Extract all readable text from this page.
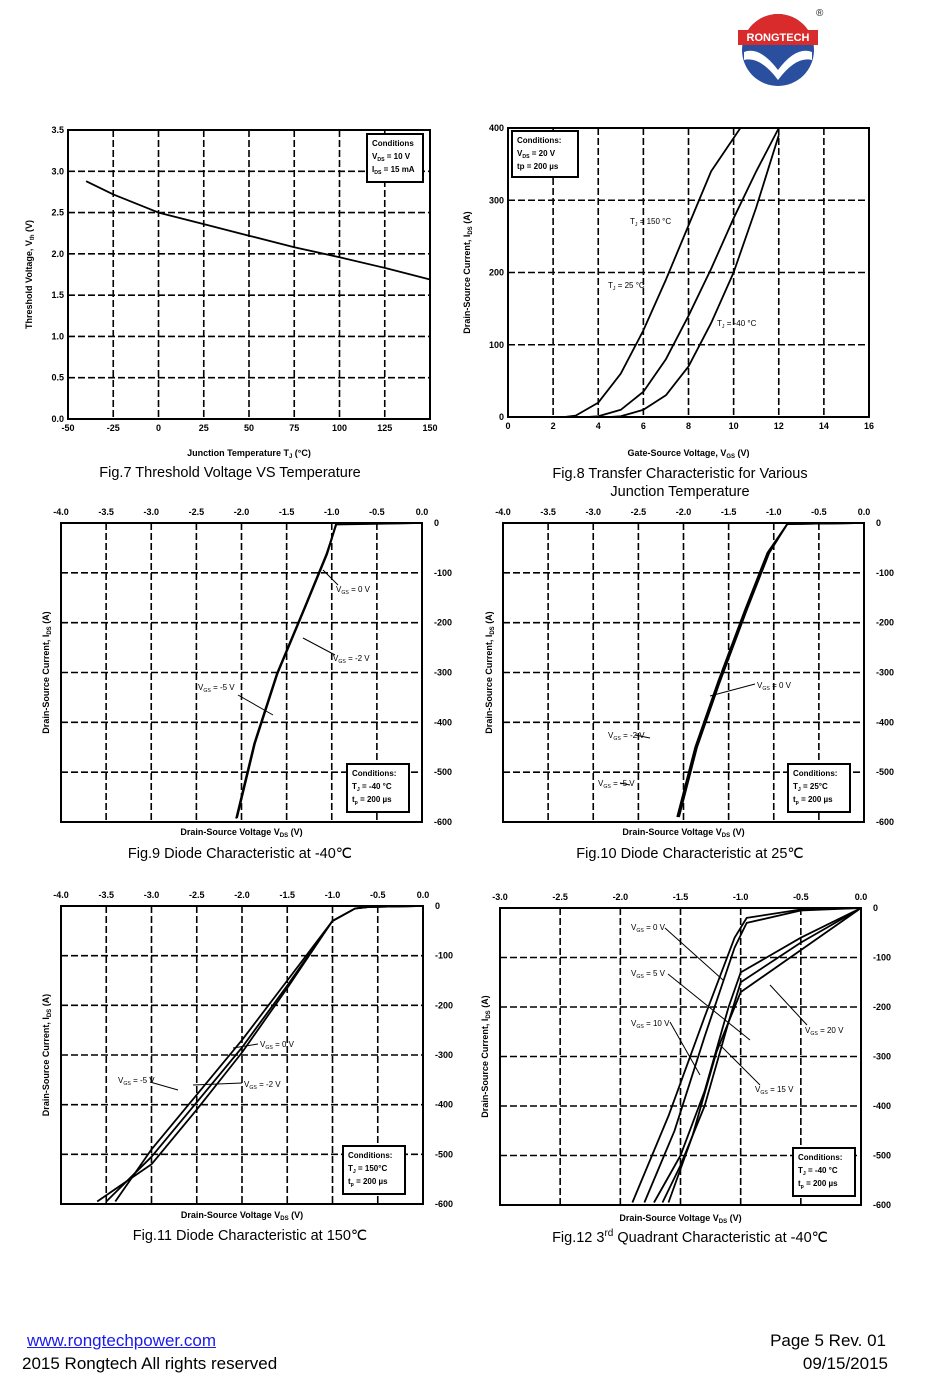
RONGTECH
®
-50	-25	0	25	50	75	100	125	150
0.0
0.5
1.0
1.5
2.0
2.5
3.0
3.5
Junction Temperature $T_J$ (°C)
Threshold Voltage, $V_{th}$ (V)
Conditions
$V_{DS} = 10$ V
$I_{DS} = 15$ mA
Fig.7 Threshold Voltage VS Temperature
0	2	4	6	8	10	12	14	16
0
100
200
300
400
Gate-Source Voltage, $V_{GS}$ (V)
Drain-Source Current, $I_{DS}$ (A)
Conditions:
$V_{DS} = 20$ V
tp = 200 µs
$T_J = 150$ °C
$T_J = 25$ °C
$T_J = -40$ °C
Fig.8 Transfer Characteristic for Various
Junction Temperature
-4.0	-3.5	-3.0	-2.5	-2.0	-1.5	-1.0	-0.5	0.0
0
-100
-200
-300
-400
-500
-600
Drain-Source Voltage $V_{DS}$ (V)
Drain-Source Current, $I_{DS}$ (A)
Conditions:
$T_J = -40$ °C
$t_p = 200$ µs
$V_{GS} = 0$ V
$V_{GS} = -2$ V
$V_{GS} = -5$ V
Fig.9 Diode Characteristic at -40℃
-4.0	-3.5	-3.0	-2.5	-2.0	-1.5	-1.0	-0.5	0.0
0
-100
-200
-300
-400
-500
-600
Drain-Source Voltage $V_{DS}$ (V)
Drain-Source Current, $I_{DS}$ (A)
Conditions:
$T_J = 25^\circ C$
$t_p = 200$ µs
$V_{GS} = 0$ V
$V_{GS} = -2$ V
$V_{GS} = -5$ V
Fig.10 Diode Characteristic at 25℃
-4.0	-3.5	-3.0	-2.5	-2.0	-1.5	-1.0	-0.5	0.0
0
-100
-200
-300
-400
-500
-600
Drain-Source Voltage $V_{DS}$ (V)
Drain-Source Current, $I_{DS}$ (A)
Conditions:
$T_J = 150^\circ C$
$t_p = 200$ µs
$V_{GS} = 0$ V
$V_{GS} = -5$ V	$V_{GS} = -2$ V
Fig.11 Diode Characteristic at 150℃
-3.0	-2.5	-2.0	-1.5	-1.0	-0.5	0.0
0
-100
-200
-300
-400
-500
-600
Drain-Source Voltage $V_{DS}$ (V)
Drain-Source Current, $I_{DS}$ (A)
Conditions:
$T_J = -40$ °C
$t_p = 200$ µs
$V_{GS} = 0$ V
$V_{GS} = 5$ V
$V_{GS} = 10$ V
$V_{GS} = 15$ V
$V_{GS} = 20$ V
Fig.12 3rd Quadrant Characteristic at -40℃
www.rongtechpower.com
2015 Rongtech All rights reserved
Page 5 Rev. 01
09/15/2015
